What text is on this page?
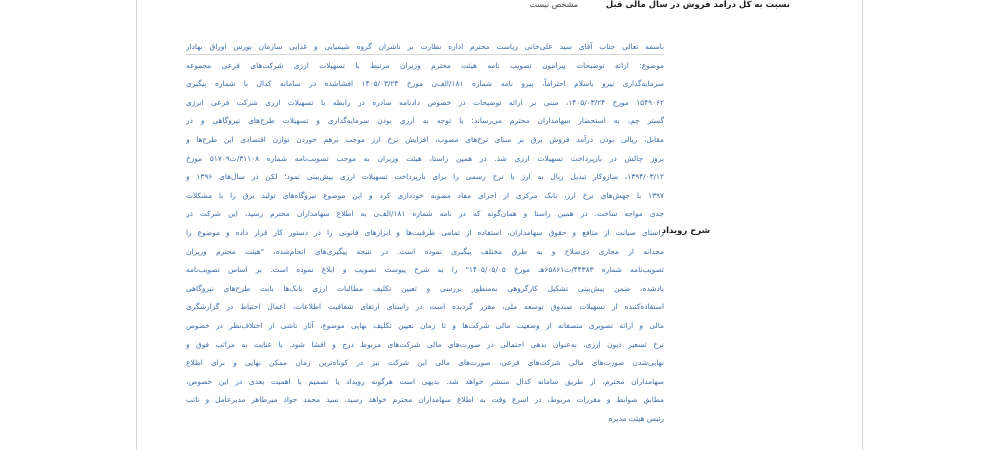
نسبت به کل درآمد فروش در سال مالی قبل
مشخص نیست
شرح رویداد
باسمه تعالی جناب آقای سید علی‌خانی ریاست محترم اداره نظارت بر ناشران گروه شیمیایی و غذایی سازمان بورس اوراق بهادار
موضوع: ارائه توضیحات پیرامون تصویب نامه هیئت محترم وزیران مرتبط با تسهیلات ارزی شرکت‌های فرعی مجموعه
سرمایه‌گذاری نیرو باسلام احتراماً، پیرو نامه شماره ۱۸۱/الف‌ن مورخ ۱۴۰۵/۰۳/۲۴ افشاشده در سامانه کدال با شماره پیگیری
۱۵۴۹۰۶۲ مورخ ۱۴۰۵/۰۳/۲۴، مبنی بر ارائه توضیحات در خصوص دادنامه صادره در رابطه با تسهیلات ارزی شرکت فرعی انرژی
گستر چم، به استحضار سهامداران محترم می‌رساند: با توجه به ارزی بودن سرمایه‌گذاری و تسهیلات طرح‌های نیروگاهی و در
مقابل، ریالی بودن درآمد فروش برق بر مبنای نرخ‌های مصوب، افزایش نرخ ارز موجب برهم خوردن توازن اقتصادی این طرح‌ها و
بروز چالش در بازپرداخت تسهیلات ارزی شد. در همین راستا، هیئت وزیران به موجب تصویب‌نامه شماره ۳۱۱۰۸/ت۵۱۷۰۹ مورخ
۱۳۹۴/۰۳/۱۲، سازوکار تبدیل ریال به ارز با نرخ رسمی را برای بازپرداخت تسهیلات ارزی پیش‌بینی نمود؛ لکن در سال‌های ۱۳۹۶ و
۱۳۹۷ با جهش‌های نرخ ارز، بانک مرکزی از اجرای مفاد مصوبه خودداری کرد و این موضوع نیروگاه‌های تولید برق را با مشکلات
جدی مواجه ساخت. در همین راستا و همان‌گونه که در نامه شماره ۱۸۱/الف‌ن به اطلاع سهامداران محترم رسید، این شرکت در
راستای صیانت از منافع و حقوق سهامداران، استفاده از تمامی ظرفیت‌ها و ابزارهای قانونی را در دستور کار قرار داده و موضوع را
مجدانه از مجاری ذی‌صلاح و به طرق مختلف پیگیری نموده است. در نتیجه پیگیری‌های انجام‌شده، "هیئت محترم وزیران
تصویب‌نامه شماره ۴۴۳۸۳/ت۶۵۸۶۱هـ مورخ ۱۴۰۵/۰۵/۰۵" را به شرح پیوست تصویب و ابلاغ نموده است. بر اساس تصویب‌نامه
یادشده، ضمن پیش‌بینی تشکیل کارگروهی به‌منظور بررسی و تعیین تکلیف مطالبات ارزی بانک‌ها بابت طرح‌های نیروگاهی
استفاده‌کننده از تسهیلات صندوق توسعه ملی، مقرر گردیده است در راستای ارتقای شفافیت اطلاعات، اعمال احتیاط در گزارشگری
مالی و ارائه تصویری متصفانه از وضعیت مالی شرکت‌ها و تا زمان تعیین تکلیف نهایی موضوع، آثار ناشی از اختلاف‌نظر در خصوص
نرخ تسعیر دیون ارزی، به‌عنوان بدهی احتمالی در صورت‌های مالی شرکت‌های مربوط درج و افشا شود. با عنایت به مراتب فوق و
نهایی‌شدن صورت‌های مالی شرکت‌های فرعی، صورت‌های مالی این شرکت نیز در کوتاه‌ترین زمان ممکن نهایی و برای اطلاع
سهامداران محترم، از طریق سامانه کدال منتشر خواهد شد. بدیهی است هرگونه رویداد یا تصمیم با اهمیت بعدی در این خصوص،
مطابق ضوابط و مقررات مربوط، در اسرع وقت به اطلاع سهامداران محترم خواهد رسید. سید محمد جواد میرطاهر مدیرعامل و نائب
رئیس هیئت مدیره
